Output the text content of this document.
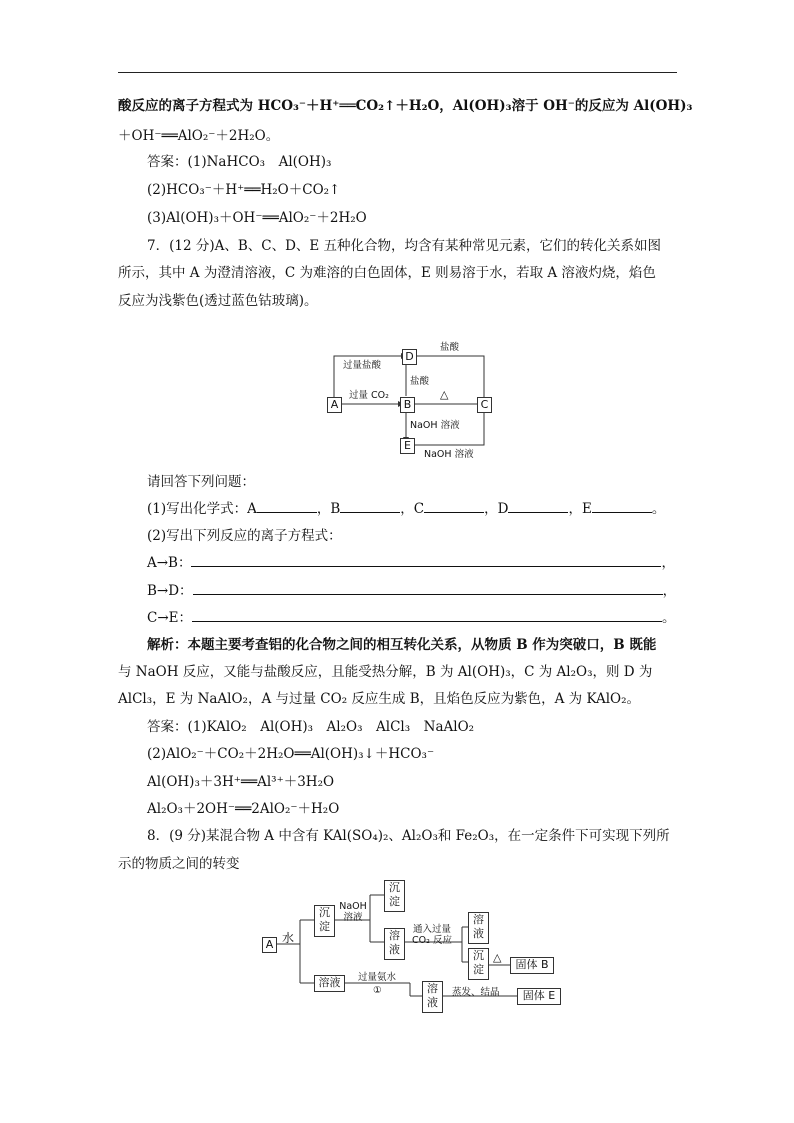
酸反应的离子方程式为 HCO₃⁻＋H⁺══CO₂↑＋H₂O，Al(OH)₃溶于 OH⁻的反应为 Al(OH)₃
＋OH⁻══AlO₂⁻＋2H₂O。
答案：(1)NaHCO₃　Al(OH)₃
(2)HCO₃⁻＋H⁺══H₂O＋CO₂↑
(3)Al(OH)₃＋OH⁻══AlO₂⁻＋2H₂O
7．(12 分)A、B、C、D、E 五种化合物，均含有某种常见元素，它们的转化关系如图
所示，其中 A 为澄清溶液，C 为难溶的白色固体，E 则易溶于水，若取 A 溶液灼烧，焰色
反应为浅紫色(透过蓝色钴玻璃)。
A	B	C
D
E
过量盐酸
盐酸
盐酸
过量 CO₂	△
NaOH 溶液
NaOH 溶液
请回答下列问题：
(1)写出化学式：A	，B	，C	，D	，E	。
(2)写出下列反应的离子方程式：
A→B：	，
B→D：	，
C→E：	。
解析：本题主要考查铝的化合物之间的相互转化关系，从物质 B 作为突破口，B 既能
与 NaOH 反应，又能与盐酸反应，且能受热分解，B 为 Al(OH)₃，C 为 Al₂O₃，则 D 为
AlCl₃，E 为 NaAlO₂，A 与过量 CO₂ 反应生成 B，且焰色反应为紫色，A 为 KAlO₂。
答案：(1)KAlO₂　Al(OH)₃　Al₂O₃　AlCl₃　NaAlO₂
(2)AlO₂⁻＋CO₂＋2H₂O══Al(OH)₃↓＋HCO₃⁻
Al(OH)₃＋3H⁺══Al³⁺＋3H₂O
Al₂O₃＋2OH⁻══2AlO₂⁻＋H₂O
8．(9 分)某混合物 A 中含有 KAl(SO₄)₂、Al₂O₃和 Fe₂O₃，在一定条件下可实现下列所
示的物质之间的转变
A 水
沉淀
NaOH 溶液
沉淀
溶液
通入过量 CO₂ 反应
溶液
沉淀
△
固体 B
溶液	过量氨水
①	溶液
蒸发、结晶	固体 E
